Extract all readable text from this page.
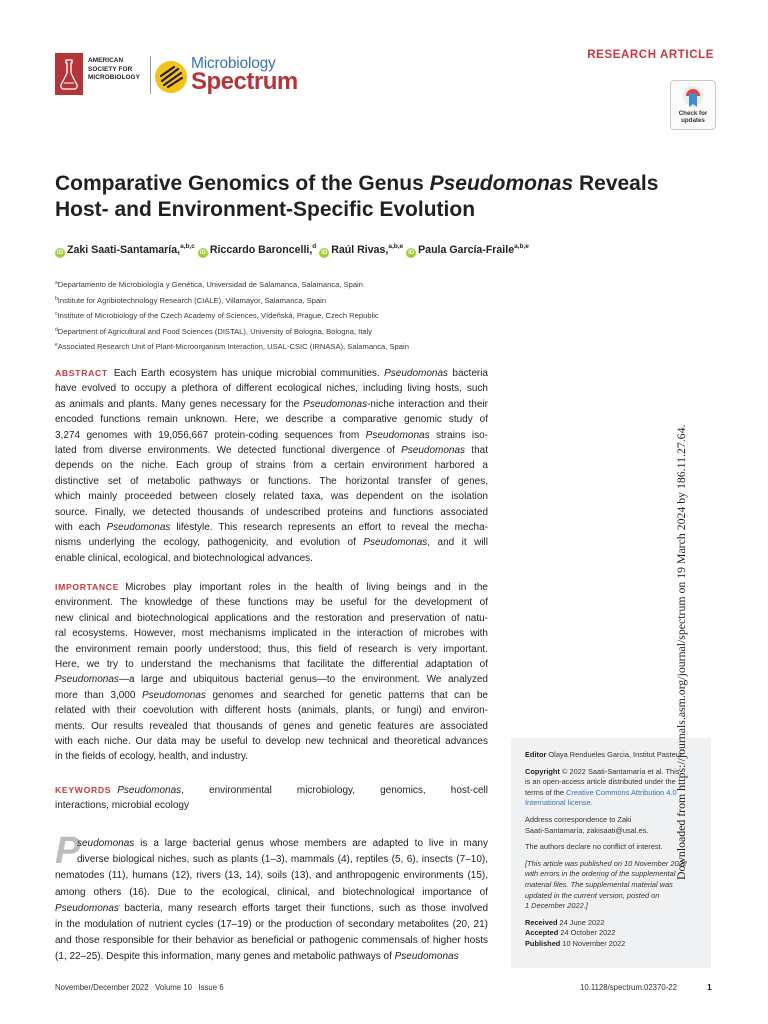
AMERICAN
SOCIETY FOR
MICROBIOLOGY
Microbiology
Spectrum
RESEARCH ARTICLE
Check for
updates
Comparative Genomics of the Genus Pseudomonas Reveals
Host- and Environment-Specific Evolution
iD Zaki Saati-Santamaría,$^{a,b,c}$ iD Riccardo Baroncelli,$^d$ iD Raúl Rivas,$^{a,b,e}$ iD Paula García-Fraile$^{a,b,e}$
$^a$Departamento de Microbiología y Genética, Universidad de Salamanca, Salamanca, Spain
$^b$Institute for Agribiotechnology Research (CIALE), Villamayor, Salamanca, Spain
$^c$Institute of Microbiology of the Czech Academy of Sciences, Vídeňská, Prague, Czech Republic
$^d$Department of Agricultural and Food Sciences (DISTAL), University of Bologna, Bologna, Italy
$^e$Associated Research Unit of Plant-Microorganism Interaction, USAL-CSIC (IRNASA), Salamanca, Spain
ABSTRACT Each Earth ecosystem has unique microbial communities. Pseudomonas bacteria
have evolved to occupy a plethora of different ecological niches, including living hosts, such
as animals and plants. Many genes necessary for the Pseudomonas-niche interaction and their
encoded functions remain unknown. Here, we describe a comparative genomic study of
3,274 genomes with 19,056,667 protein-coding sequences from Pseudomonas strains iso-
lated from diverse environments. We detected functional divergence of Pseudomonas that
depends on the niche. Each group of strains from a certain environment harbored a
distinctive set of metabolic pathways or functions. The horizontal transfer of genes,
which mainly proceeded between closely related taxa, was dependent on the isolation
source. Finally, we detected thousands of undescribed proteins and functions associated
with each Pseudomonas lifestyle. This research represents an effort to reveal the mecha-
nisms underlying the ecology, pathogenicity, and evolution of Pseudomonas, and it will
enable clinical, ecological, and biotechnological advances.
IMPORTANCE Microbes play important roles in the health of living beings and in the
environment. The knowledge of these functions may be useful for the development of
new clinical and biotechnological applications and the restoration and preservation of natu-
ral ecosystems. However, most mechanisms implicated in the interaction of microbes with
the environment remain poorly understood; thus, this field of research is very important.
Here, we try to understand the mechanisms that facilitate the differential adaptation of
Pseudomonas—a large and ubiquitous bacterial genus—to the environment. We analyzed
more than 3,000 Pseudomonas genomes and searched for genetic patterns that can be
related with their coevolution with different hosts (animals, plants, or fungi) and environ-
ments. Our results revealed that thousands of genes and genetic features are associated
with each niche. Our data may be useful to develop new technical and theoretical advances
in the fields of ecology, health, and industry.
KEYWORDS Pseudomonas, environmental microbiology, genomics, host-cell
interactions, microbial ecology
P
seudomonas is a large bacterial genus whose members are adapted to live in many
diverse biological niches, such as plants (1–3), mammals (4), reptiles (5, 6), insects (7–10),
nematodes (11), humans (12), rivers (13, 14), soils (13), and anthropogenic environments (15),
among others (16). Due to the ecological, clinical, and biotechnological importance of
Pseudomonas bacteria, many research efforts target their functions, such as those involved
in the modulation of nutrient cycles (17–19) or the production of secondary metabolites (20, 21)
and those responsible for their behavior as beneficial or pathogenic commensals of higher hosts
(1, 22–25). Despite this information, many genes and metabolic pathways of Pseudomonas
Editor Olaya Rendueles Garcia, Institut Pasteur
Copyright © 2022 Saati-Santamaría et al. This
is an open-access article distributed under the
terms of the Creative Commons Attribution 4.0
International license.
Address correspondence to Zaki
Saati-Santamaría, zakisaati@usal.es.
The authors declare no conflict of interest.
[This article was published on 10 November 2022
with errors in the ordering of the supplemental
material files. The supplemental material was
updated in the current version, posted on
1 December 2022.]
Received 24 June 2022
Accepted 24 October 2022
Published 10 November 2022
November/December 2022   Volume 10   Issue 6	10.1128/spectrum.02370-22	1
Downloaded from https://journals.asm.org/journal/spectrum on 19 March 2024 by 186.11.27.64.
